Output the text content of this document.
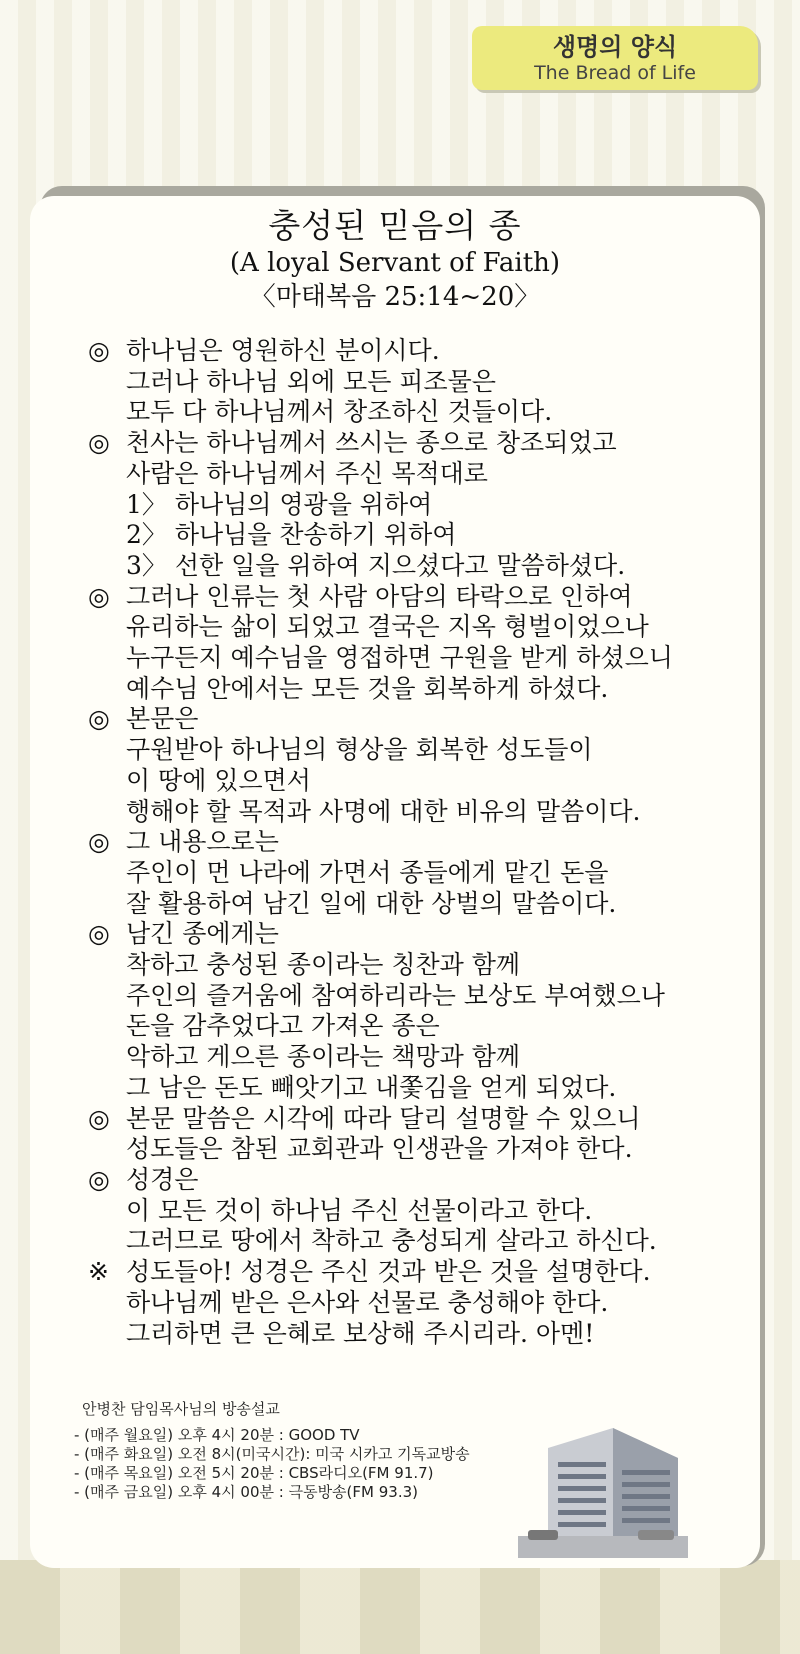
생명의 양식
The Bread of Life
충성된 믿음의 종
(A loyal Servant of Faith)
〈마태복음 25:14~20〉
◎ 하나님은 영원하신 분이시다.
그러나 하나님 외에 모든 피조물은
모두 다 하나님께서 창조하신 것들이다.
◎ 천사는 하나님께서 쓰시는 종으로 창조되었고
사람은 하나님께서 주신 목적대로
1〉 하나님의 영광을 위하여
2〉 하나님을 찬송하기 위하여
3〉 선한 일을 위하여 지으셨다고 말씀하셨다.
◎ 그러나 인류는 첫 사람 아담의 타락으로 인하여
유리하는 삶이 되었고 결국은 지옥 형벌이었으나
누구든지 예수님을 영접하면 구원을 받게 하셨으니
예수님 안에서는 모든 것을 회복하게 하셨다.
◎ 본문은
구원받아 하나님의 형상을 회복한 성도들이
이 땅에 있으면서
행해야 할 목적과 사명에 대한 비유의 말씀이다.
◎ 그 내용으로는
주인이 먼 나라에 가면서 종들에게 맡긴 돈을
잘 활용하여 남긴 일에 대한 상벌의 말씀이다.
◎ 남긴 종에게는
착하고 충성된 종이라는 칭찬과 함께
주인의 즐거움에 참여하리라는 보상도 부여했으나
돈을 감추었다고 가져온 종은
악하고 게으른 종이라는 책망과 함께
그 남은 돈도 빼앗기고 내쫓김을 얻게 되었다.
◎ 본문 말씀은 시각에 따라 달리 설명할 수 있으니
성도들은 참된 교회관과 인생관을 가져야 한다.
◎ 성경은
이 모든 것이 하나님 주신 선물이라고 한다.
그러므로 땅에서 착하고 충성되게 살라고 하신다.
※ 성도들아! 성경은 주신 것과 받은 것을 설명한다.
하나님께 받은 은사와 선물로 충성해야 한다.
그리하면 큰 은혜로 보상해 주시리라. 아멘!
안병찬 담임목사님의 방송설교
- (매주 월요일) 오후 4시 20분 : GOOD TV
- (매주 화요일) 오전 8시(미국시간): 미국 시카고 기독교방송
- (매주 목요일) 오전 5시 20분 : CBS라디오(FM 91.7)
- (매주 금요일) 오후 4시 00분 : 극동방송(FM 93.3)
